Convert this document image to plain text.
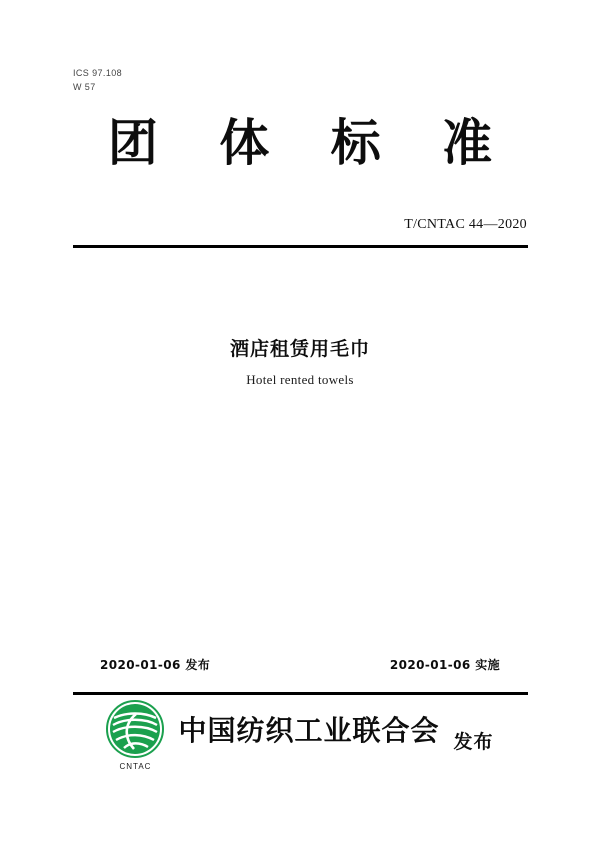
ICS 97.108
W 57
团 体 标 准
T/CNTAC 44—2020
酒店租赁用毛巾
Hotel rented towels
2020-01-06 发布	2020-01-06 实施
CNTAC
中国纺织工业联合会 发布
